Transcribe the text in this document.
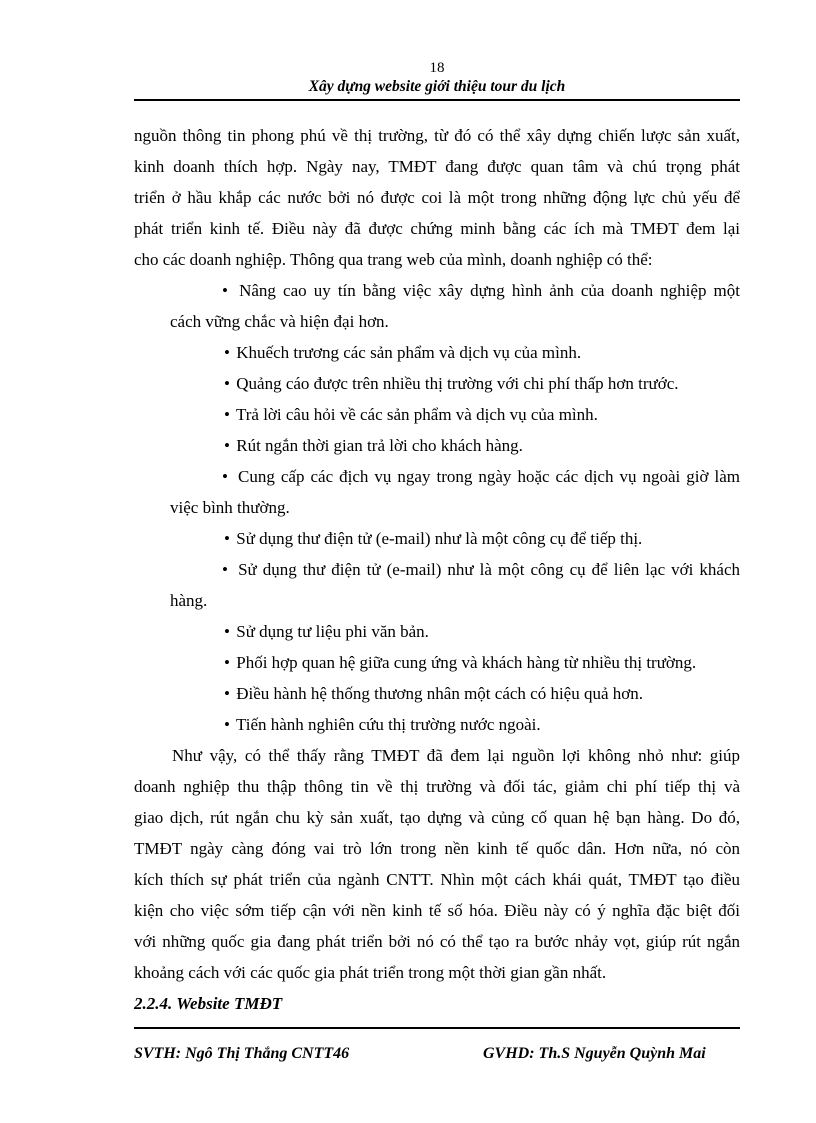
18
Xây dựng website giới thiệu tour du lịch
nguồn thông tin phong phú về thị trường, từ đó có thể xây dựng chiến lược sản xuất,
kinh doanh thích hợp. Ngày nay, TMĐT đang được quan tâm và chú trọng phát
triển ở hầu khắp các nước bởi nó được coi là một trong những động lực chủ yếu để
phát triển kinh tế. Điều này đã được chứng minh bằng các ích mà TMĐT đem lại
cho các doanh nghiệp. Thông qua trang web của mình, doanh nghiệp có thể:
• Nâng cao uy tín bằng việc xây dựng hình ảnh của doanh nghiệp một
cách vững chắc và hiện đại hơn.
• Khuếch trương các sản phẩm và dịch vụ của mình.
• Quảng cáo được trên nhiều thị trường với chi phí thấp hơn trước.
• Trả lời câu hỏi về các sản phẩm và dịch vụ của mình.
• Rút ngắn thời gian trả lời cho khách hàng.
• Cung cấp các địch vụ ngay trong ngày hoặc các dịch vụ ngoài giờ làm
việc bình thường.
• Sử dụng thư điện tử (e-mail) như là một công cụ để tiếp thị.
• Sử dụng thư điện tử (e-mail) như là một công cụ để liên lạc với khách
hàng.
• Sử dụng tư liệu phi văn bản.
• Phối hợp quan hệ giữa cung ứng và khách hàng từ nhiều thị trường.
• Điều hành hệ thống thương nhân một cách có hiệu quả hơn.
• Tiến hành nghiên cứu thị trường nước ngoài.
Như vậy, có thể thấy rằng TMĐT đã đem lại nguồn lợi không nhỏ như: giúp
doanh nghiệp thu thập thông tin về thị trường và đối tác, giảm chi phí tiếp thị và
giao dịch, rút ngắn chu kỳ sản xuất, tạo dựng và củng cố quan hệ bạn hàng. Do đó,
TMĐT ngày càng đóng vai trò lớn trong nền kinh tế quốc dân. Hơn nữa, nó còn
kích thích sự phát triển của ngành CNTT. Nhìn một cách khái quát, TMĐT tạo điều
kiện cho việc sớm tiếp cận với nền kinh tế số hóa. Điều này có ý nghĩa đặc biệt đối
với những quốc gia đang phát triển bởi nó có thể tạo ra bước nhảy vọt, giúp rút ngắn
khoảng cách với các quốc gia phát triển trong một thời gian gần nhất.
2.2.4. Website TMĐT
SVTH: Ngô Thị Thắng CNTT46	GVHD: Th.S Nguyễn Quỳnh Mai
